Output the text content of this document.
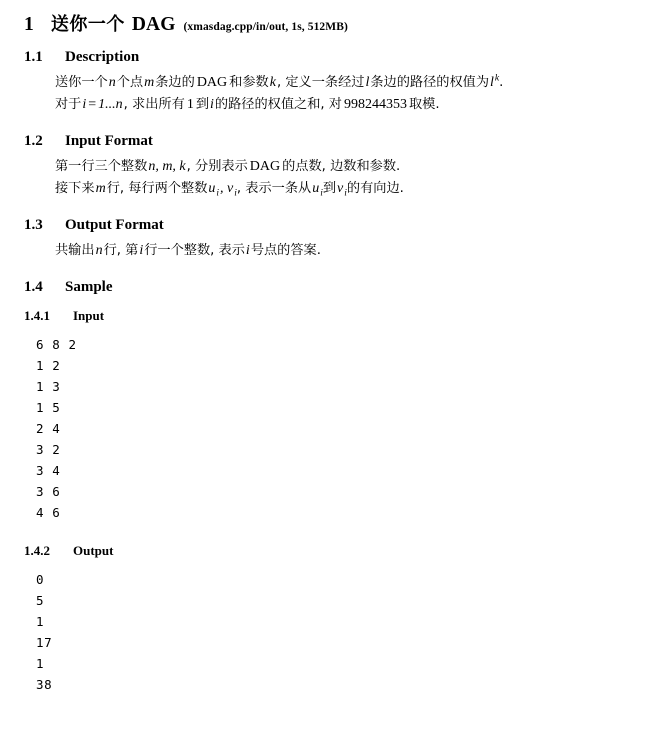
1 送你一个 DAG (xmasdag.cpp/in/out, 1s, 512MB)
1.1	Description
送你一个n个点m条边的 DAG 和参数k, 定义一条经过l条边的路径的权值为$l^k$.
对于i = 1...n, 求出所有 1 到i的路径的权值之和, 对 998244353 取模.
1.2	Input Format
第一行三个整数n, m, k, 分别表示 DAG 的点数, 边数和参数.
接下来m行, 每行两个整数$u_i$, $v_i$, 表示一条从$u_i$到$v_i$的有向边.
1.3	Output Format
共输出n行, 第i行一个整数, 表示i号点的答案.
1.4	Sample
1.4.1	Input
6 8 2
1 2
1 3
1 5
2 4
3 2
3 4
3 6
4 6
1.4.2	Output
0
5
1
17
1
38
